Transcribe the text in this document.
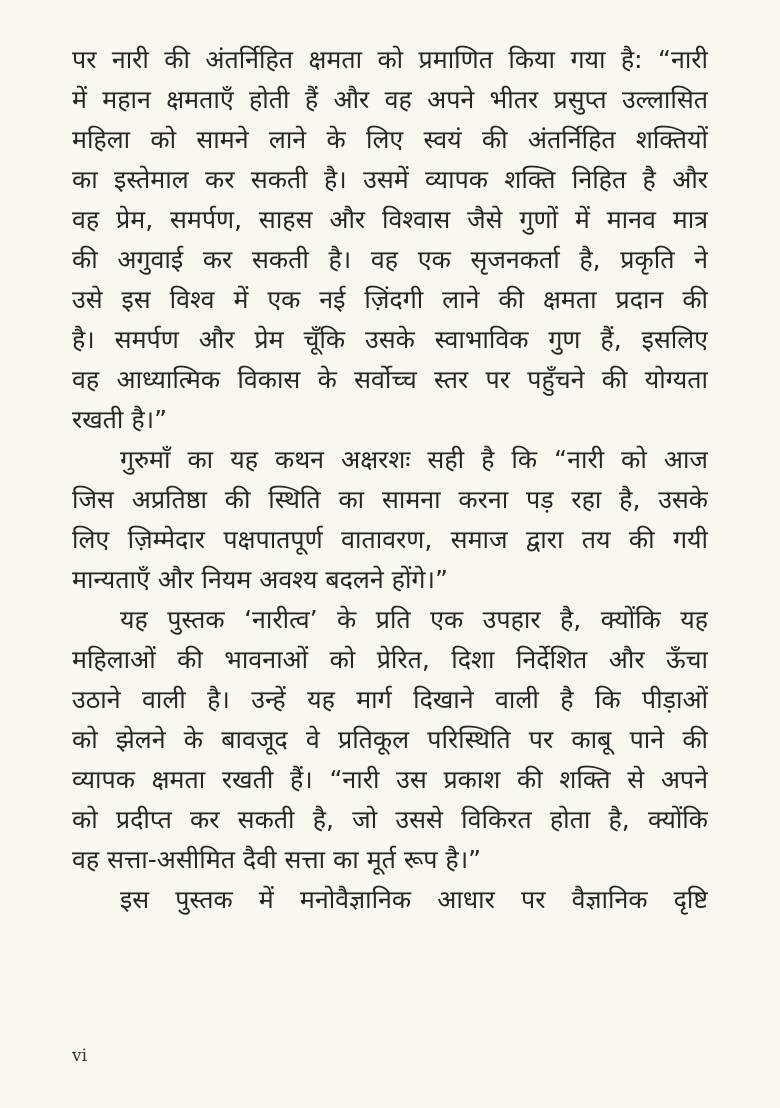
पर नारी की अंतर्निहित क्षमता को प्रमाणित किया गया है: “नारी
में महान क्षमताएँ होती हैं और वह अपने भीतर प्रसुप्त उल्लासित
महिला को सामने लाने के लिए स्वयं की अंतर्निहित शक्तियों
का इस्तेमाल कर सकती है। उसमें व्यापक शक्ति निहित है और
वह प्रेम, समर्पण, साहस और विश्वास जैसे गुणों में मानव मात्र
की अगुवाई कर सकती है। वह एक सृजनकर्ता है, प्रकृति ने
उसे इस विश्व में एक नई ज़िंदगी लाने की क्षमता प्रदान की
है। समर्पण और प्रेम चूँकि उसके स्वाभाविक गुण हैं, इसलिए
वह आध्यात्मिक विकास के सर्वोच्च स्तर पर पहुँचने की योग्यता
रखती है।”
गुरुमाँ का यह कथन अक्षरशः सही है कि “नारी को आज
जिस अप्रतिष्ठा की स्थिति का सामना करना पड़ रहा है, उसके
लिए ज़िम्मेदार पक्षपातपूर्ण वातावरण, समाज द्वारा तय की गयी
मान्यताएँ और नियम अवश्य बदलने होंगे।”
यह पुस्तक ‘नारीत्व’ के प्रति एक उपहार है, क्योंकि यह
महिलाओं की भावनाओं को प्रेरित, दिशा निर्देशित और ऊँचा
उठाने वाली है। उन्हें यह मार्ग दिखाने वाली है कि पीड़ाओं
को झेलने के बावजूद वे प्रतिकूल परिस्थिति पर काबू पाने की
व्यापक क्षमता रखती हैं। “नारी उस प्रकाश की शक्ति से अपने
को प्रदीप्त कर सकती है, जो उससे विकिरत होता है, क्योंकि
वह सत्ता-असीमित दैवी सत्ता का मूर्त रूप है।”
इस पुस्तक में मनोवैज्ञानिक आधार पर वैज्ञानिक दृष्टि
vi
